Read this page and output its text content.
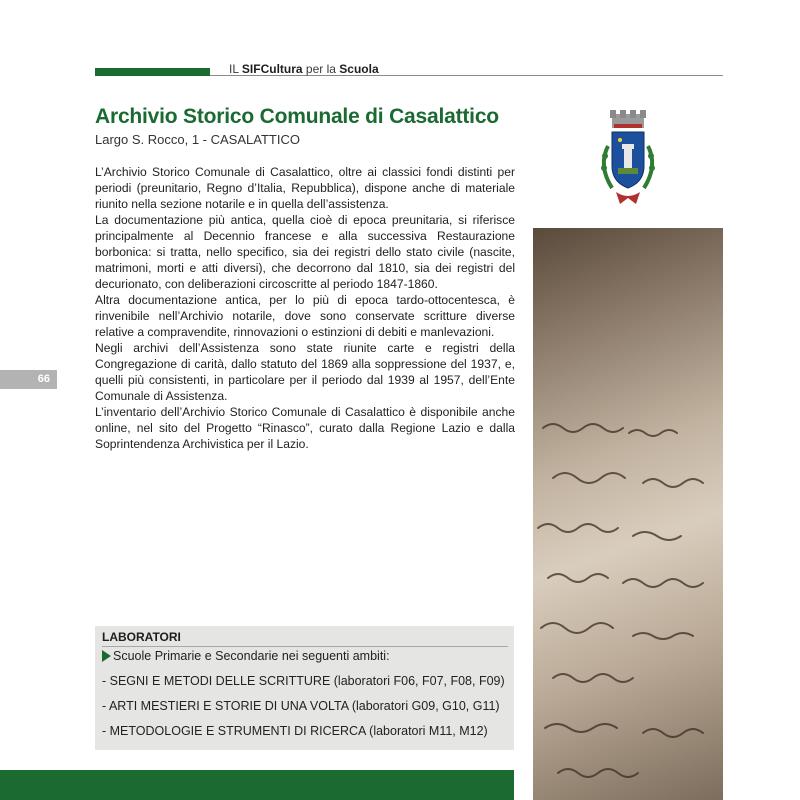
IL SIFCultura per la Scuola
Archivio Storico Comunale di Casalattico
Largo S. Rocco, 1 - CASALATTICO

L’Archivio Storico Comunale di Casalattico, oltre ai classici fondi distinti per periodi (preunitario, Regno d’Italia, Repubblica), dispone anche di materiale riunito nella sezione notarile e in quella dell’assistenza.

La documentazione più antica, quella cioè di epoca preunitaria, si riferisce principalmente al Decennio francese e alla successiva Restaurazione borbonica: si tratta, nello specifico, sia dei registri dello stato civile (nascite, matrimoni, morti e atti diversi), che decorrono dal 1810, sia dei registri del decurionato, con deliberazioni circoscritte al periodo 1847-1860.

Altra documentazione antica, per lo più di epoca tardo-ottocentesca, è rinvenibile nell’Archivio notarile, dove sono conservate scritture diverse relative a compravendite, rinnovazioni o estinzioni di debiti e manlevazioni.

Negli archivi dell’Assistenza sono state riunite carte e registri della Congregazione di carità, dallo statuto del 1869 alla soppressione del 1937, e, quelli più consistenti, in particolare per il periodo dal 1939 al 1957, dell’Ente Comunale di Assistenza.

L’inventario dell’Archivio Storico Comunale di Casalattico è disponibile anche online, nel sito del Progetto “Rinasco”, curato dalla Regione Lazio e dalla Soprintendenza Archivistica per il Lazio.

66
LABORATORI
Scuole Primarie e Secondarie nei seguenti ambiti:
- SEGNI E METODI DELLE SCRITTURE (laboratori F06, F07, F08, F09)
- ARTI MESTIERI E STORIE DI UNA VOLTA (laboratori G09, G10, G11)
- METODOLOGIE E STRUMENTI DI RICERCA (laboratori M11, M12)
